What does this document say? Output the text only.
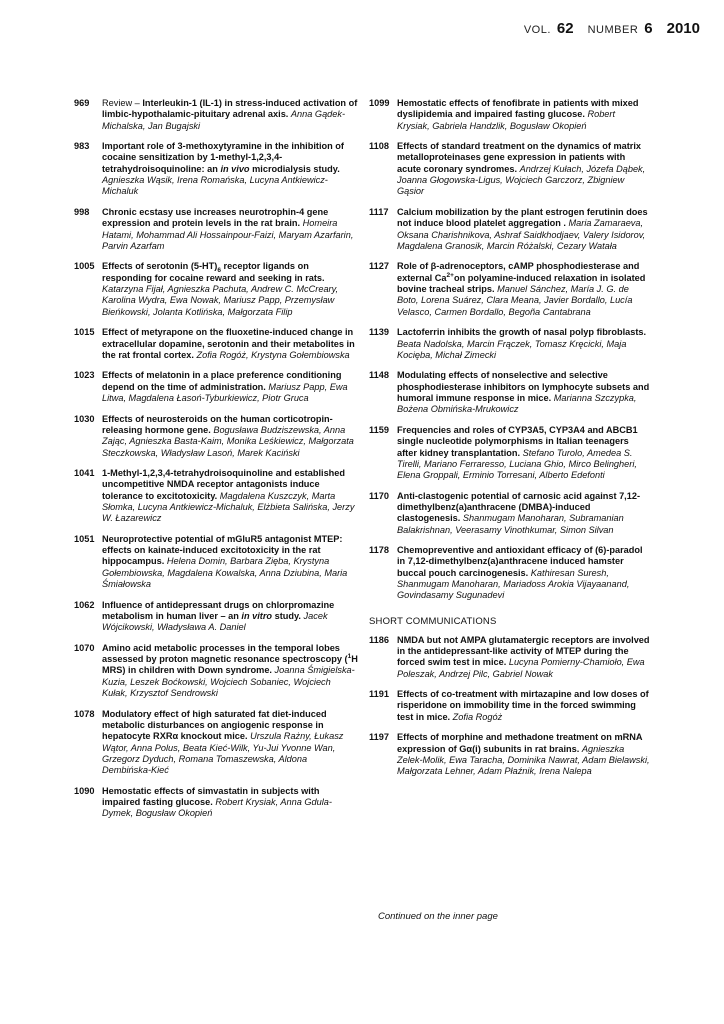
VOL. 62 NUMBER 6 2010
969	Review – Interleukin-1 (IL-1) in stress-induced activation of limbic-hypothalamic-pituitary adrenal axis. Anna Gądek-Michalska, Jan Bugajski
983	Important role of 3-methoxytyramine in the inhibition of cocaine sensitization by 1-methyl-1,2,3,4-tetrahydroisoquinoline: an in vivo microdialysis study. Agnieszka Wąsik, Irena Romańska, Lucyna Antkiewicz-Michaluk
998	Chronic ecstasy use increases neurotrophin-4 gene expression and protein levels in the rat brain. Homeira Hatami, Mohammad Ali Hossainpour-Faizi, Maryam Azarfarin, Parvin Azarfam
1005 Effects of serotonin $(5-HT)_6$ receptor ligands on responding for cocaine reward and seeking in rats. Katarzyna Fijał, Agnieszka Pachuta, Andrew C. McCreary, Karolina Wydra, Ewa Nowak, Mariusz Papp, Przemysław Bieńkowski, Jolanta Kotlińska, Małgorzata Filip
1015 Effect of metyrapone on the fluoxetine-induced change in extracellular dopamine, serotonin and their metabolites in the rat frontal cortex. Zofia Rogóż, Krystyna Gołembiowska
1023 Effects of melatonin in a place preference conditioning depend on the time of administration. Mariusz Papp, Ewa Litwa, Magdalena Łasoń-Tyburkiewicz, Piotr Gruca
1030 Effects of neurosteroids on the human corticotropin-releasing hormone gene. Bogusława Budziszewska, Anna Zając, Agnieszka Basta-Kaim, Monika Leśkiewicz, Małgorzata Steczkowska, Władysław Lasoń, Marek Kaciński
1041 1-Methyl-1,2,3,4-tetrahydroisoquinoline and established uncompetitive NMDA receptor antagonists induce tolerance to excitotoxicity. Magdalena Kuszczyk, Marta Słomka, Lucyna Antkiewicz-Michaluk, Elżbieta Salińska, Jerzy W. Łazarewicz
1051 Neuroprotective potential of mGluR5 antagonist MTEP: effects on kainate-induced excitotoxicity in the rat hippocampus. Helena Domin, Barbara Zięba, Krystyna Gołembiowska, Magdalena Kowalska, Anna Dziubina, Maria Śmiałowska
1062 Influence of antidepressant drugs on chlorpromazine metabolism in human liver – an in vitro study. Jacek Wójcikowski, Władysława A. Daniel
1070 Amino acid metabolic processes in the temporal lobes assessed by proton magnetic resonance spectroscopy ($^1$H MRS) in children with Down syndrome. Joanna Śmigielska-Kuzia, Leszek Boćkowski, Wojciech Sobaniec, Wojciech Kułak, Krzysztof Sendrowski
1078 Modulatory effect of high saturated fat diet-induced metabolic disturbances on angiogenic response in hepatocyte RXRα knockout mice. Urszula Rażny, Łukasz Wątor, Anna Polus, Beata Kieć-Wilk, Yu-Jui Yvonne Wan, Grzegorz Dyduch, Romana Tomaszewska, Aldona Dembińska-Kieć
1090 Hemostatic effects of simvastatin in subjects with impaired fasting glucose. Robert Krysiak, Anna Gdula-Dymek, Bogusław Okopień
1099 Hemostatic effects of fenofibrate in patients with mixed dyslipidemia and impaired fasting glucose. Robert Krysiak, Gabriela Handzlik, Bogusław Okopień
1108 Effects of standard treatment on the dynamics of matrix metalloproteinases gene expression in patients with acute coronary syndromes. Andrzej Kułach, Józefa Dąbek, Joanna Głogowska-Ligus, Wojciech Garczorz, Zbigniew Gąsior
1117 Calcium mobilization by the plant estrogen ferutinin does not induce blood platelet aggregation . Maria Zamaraeva, Oksana Charishnikova, Ashraf Saidkhodjaev, Valery Isidorov, Magdalena Granosik, Marcin Różalski, Cezary Watała
1127 Role of β-adrenoceptors, cAMP phosphodiesterase and external $Ca^{2+}on$ polyamine-induced relaxation in isolated bovine tracheal strips. Manuel Sánchez, María J. G. de Boto, Lorena Suárez, Clara Meana, Javier Bordallo, Lucía Velasco, Carmen Bordallo, Begoña Cantabrana
1139 Lactoferrin inhibits the growth of nasal polyp fibroblasts. Beata Nadolska, Marcin Frączek, Tomasz Kręcicki, Maja Kocięba, Michał Zimecki
1148 Modulating effects of nonselective and selective phosphodiesterase inhibitors on lymphocyte subsets and humoral immune response in mice. Marianna Szczypka, Bożena Obmińska-Mrukowicz
1159 Frequencies and roles of CYP3A5, CYP3A4 and ABCB1 single nucleotide polymorphisms in Italian teenagers after kidney transplantation. Stefano Turolo, Amedea S. Tirelli, Mariano Ferraresso, Luciana Ghio, Mirco Belingheri, Elena Groppali, Erminio Torresani, Alberto Edefonti
1170 Anti-clastogenic potential of carnosic acid against 7,12-dimethylbenz(a)anthracene (DMBA)-induced clastogenesis. Shanmugam Manoharan, Subramanian Balakrishnan, Veerasamy Vinothkumar, Simon Silvan
1178 Chemopreventive and antioxidant efficacy of (6)-paradol in 7,12-dimethylbenz(a)anthracene induced hamster buccal pouch carcinogenesis. Kathiresan Suresh, Shanmugam Manoharan, Mariadoss Arokia Vijayaanand, Govindasamy Sugunadevi
SHORT COMMUNICATIONS
1186 NMDA but not AMPA glutamatergic receptors are involved in the antidepressant-like activity of MTEP during the forced swim test in mice. Lucyna Pomierny-Chamioło, Ewa Poleszak, Andrzej Pilc, Gabriel Nowak
1191 Effects of co-treatment with mirtazapine and low doses of risperidone on immobility time in the forced swimming test in mice. Zofia Rogóż
1197 Effects of morphine and methadone treatment on mRNA expression of Gα(i) subunits in rat brains. Agnieszka Zelek-Molik, Ewa Taracha, Dominika Nawrat, Adam Bielawski, Małgorzata Lehner, Adam Płaźnik, Irena Nalepa
Continued on the inner page
